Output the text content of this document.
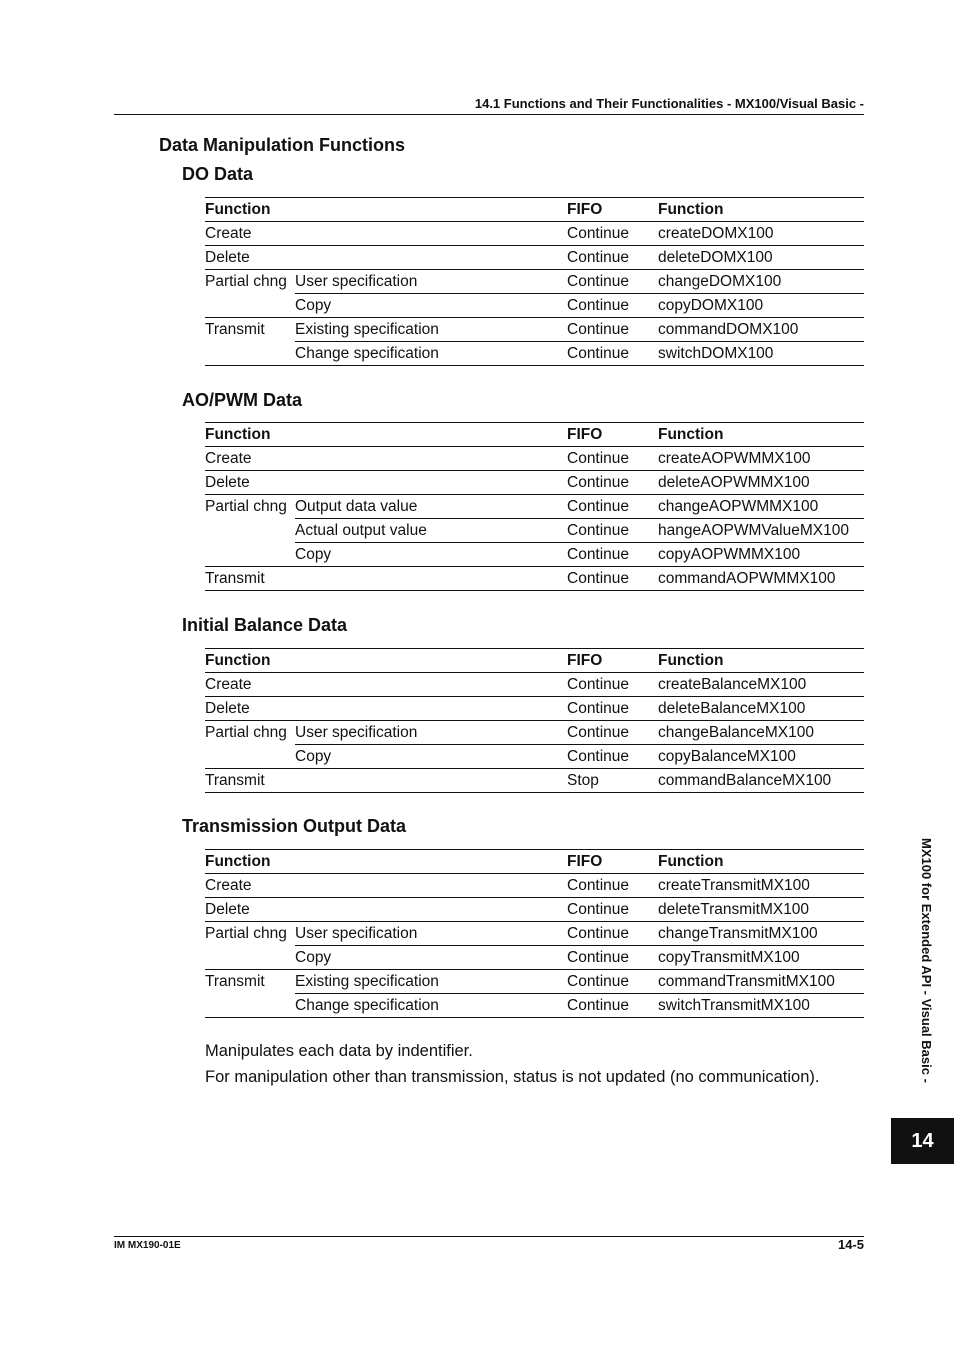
14.1 Functions and Their Functionalities - MX100/Visual Basic -
Data Manipulation Functions
DO Data
Function		FIFO	Function
Create		Continue	createDOMX100
Delete		Continue	deleteDOMX100
Partial chng	User specification	Continue	changeDOMX100
	Copy	Continue	copyDOMX100
Transmit	Existing specification	Continue	commandDOMX100
	Change specification	Continue	switchDOMX100
AO/PWM Data
Function		FIFO	Function
Create		Continue	createAOPWMMX100
Delete		Continue	deleteAOPWMMX100
Partial chng	Output data value	Continue	changeAOPWMMX100
	Actual output value	Continue	hangeAOPWMValueMX100
	Copy	Continue	copyAOPWMMX100
Transmit		Continue	commandAOPWMMX100
Initial Balance Data
Function		FIFO	Function
Create		Continue	createBalanceMX100
Delete		Continue	deleteBalanceMX100
Partial chng	User specification	Continue	changeBalanceMX100
	Copy	Continue	copyBalanceMX100
Transmit		Stop	commandBalanceMX100
Transmission Output Data
Function		FIFO	Function
Create		Continue	createTransmitMX100
Delete		Continue	deleteTransmitMX100
Partial chng	User specification	Continue	changeTransmitMX100
	Copy	Continue	copyTransmitMX100
Transmit	Existing specification	Continue	commandTransmitMX100
	Change specification	Continue	switchTransmitMX100
Manipulates each data by indentifier.
For manipulation other than transmission, status is not updated (no communication).	MX100 for Extended API - Visual Basic -
14
IM MX190-01E	14-5
